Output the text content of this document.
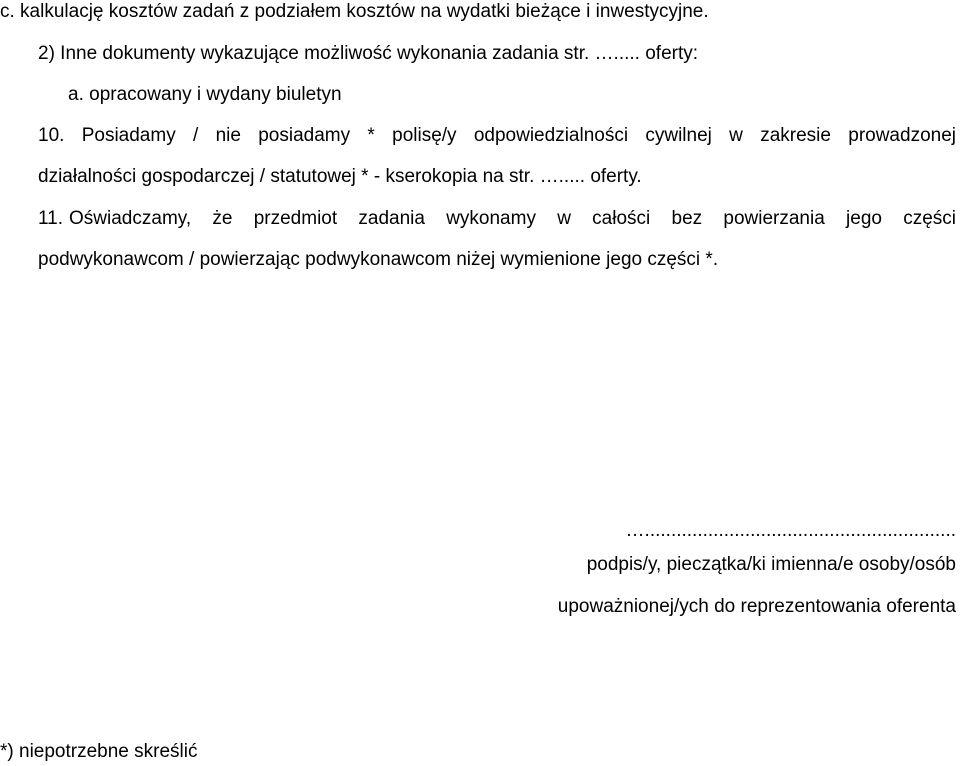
c. kalkulację kosztów zadań z podziałem kosztów na wydatki bieżące i inwestycyjne.

2) Inne dokumenty wykazujące możliwość wykonania zadania str. …..... oferty:

a. opracowany i wydany biuletyn

10. Posiadamy / nie posiadamy * polisę/y odpowiedzialności cywilnej w zakresie prowadzonej

działalności gospodarczej / statutowej * - kserokopia na str. …..... oferty.

11. Oświadczamy, że przedmiot zadania wykonamy w całości bez powierzania jego części

podwykonawcom / powierzając podwykonawcom niżej wymienione jego części *.

…...........................................................

podpis/y, pieczątka/ki imienna/e osoby/osób

upoważnionej/ych do reprezentowania oferenta

*) niepotrzebne skreślić
